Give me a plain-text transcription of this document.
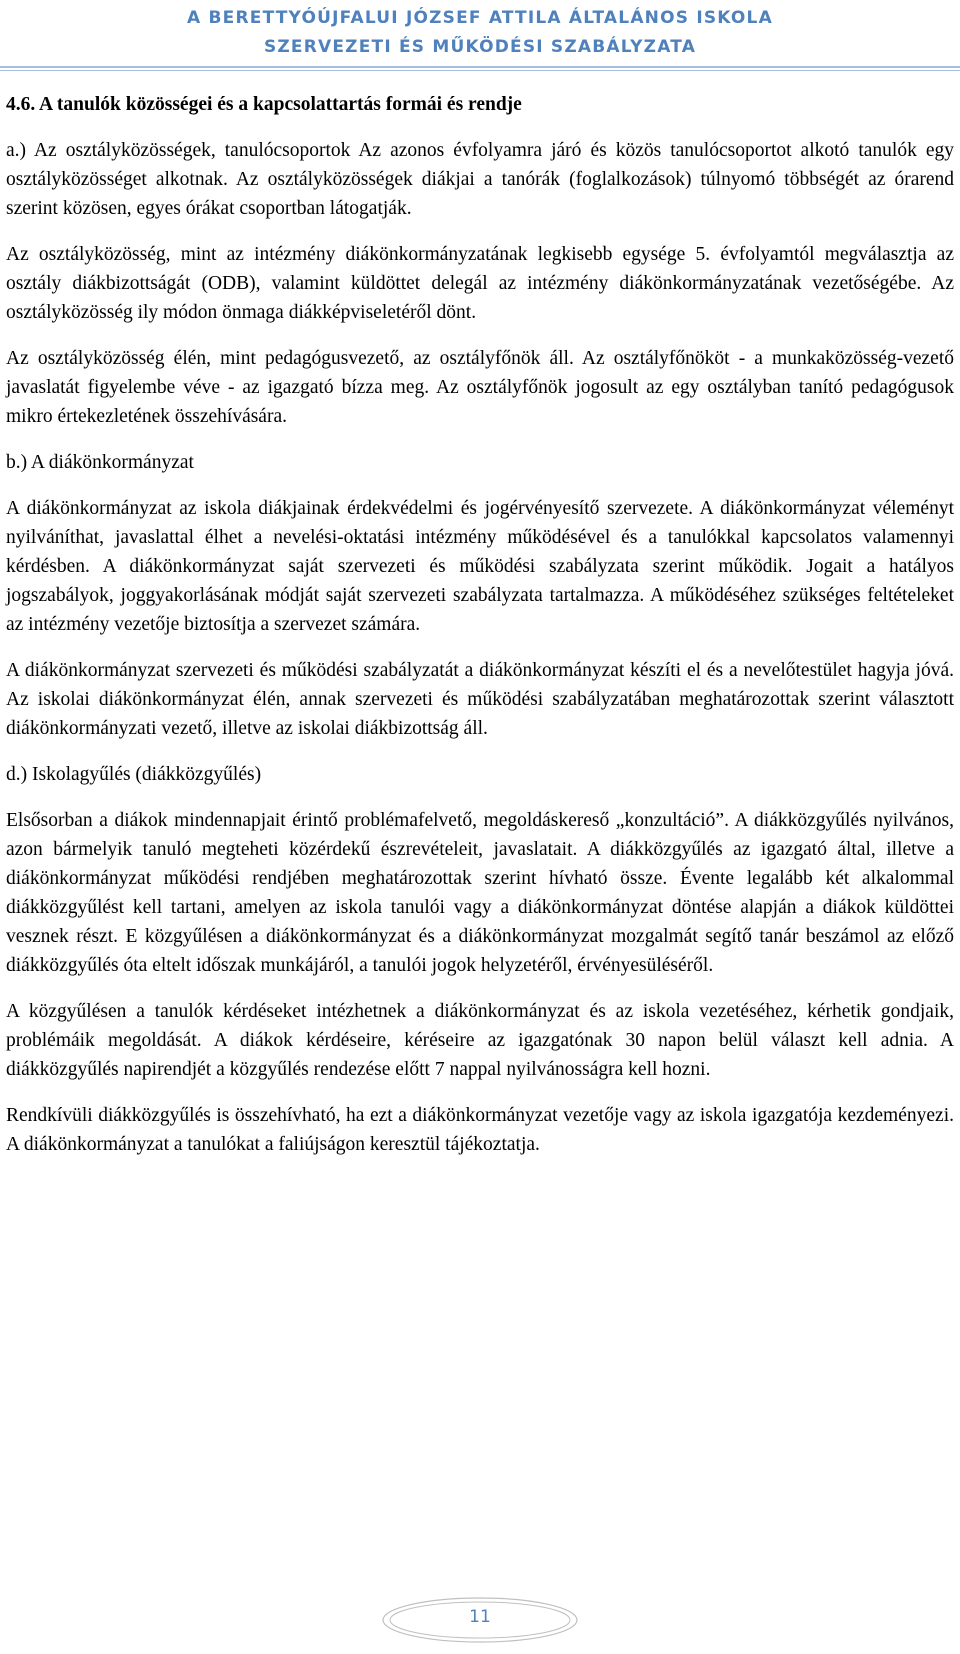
A BERETTYÓÚJFALUI JÓZSEF ATTILA ÁLTALÁNOS ISKOLA
SZERVEZETI ÉS MŰKÖDÉSI SZABÁLYZATA
4.6. A tanulók közösségei és a kapcsolattartás formái és rendje

a.) Az osztályközösségek, tanulócsoportok Az azonos évfolyamra járó és közös tanulócsoportot alkotó tanulók egy osztályközösséget alkotnak. Az osztályközösségek diákjai a tanórák (foglalkozások) túlnyomó többségét az órarend szerint közösen, egyes órákat csoportban látogatják.

Az osztályközösség, mint az intézmény diákönkormányzatának legkisebb egysége 5. évfolyamtól megválasztja az osztály diákbizottságát (ODB), valamint küldöttet delegál az intézmény diákönkormányzatának vezetőségébe. Az osztályközösség ily módon önmaga diákképviseletéről dönt.

Az osztályközösség élén, mint pedagógusvezető, az osztályfőnök áll. Az osztályfőnököt - a munkaközösség-vezető javaslatát figyelembe véve - az igazgató bízza meg. Az osztályfőnök jogosult az egy osztályban tanító pedagógusok mikro értekezletének összehívására.

b.) A diákönkormányzat

A diákönkormányzat az iskola diákjainak érdekvédelmi és jogérvényesítő szervezete. A diákönkormányzat véleményt nyilváníthat, javaslattal élhet a nevelési-oktatási intézmény működésével és a tanulókkal kapcsolatos valamennyi kérdésben. A diákönkormányzat saját szervezeti és működési szabályzata szerint működik. Jogait a hatályos jogszabályok, joggyakorlásának módját saját szervezeti szabályzata tartalmazza. A működéséhez szükséges feltételeket az intézmény vezetője biztosítja a szervezet számára.

A diákönkormányzat szervezeti és működési szabályzatát a diákönkormányzat készíti el és a nevelőtestület hagyja jóvá. Az iskolai diákönkormányzat élén, annak szervezeti és működési szabályzatában meghatározottak szerint választott diákönkormányzati vezető, illetve az iskolai diákbizottság áll.

d.) Iskolagyűlés (diákközgyűlés)

Elsősorban a diákok mindennapjait érintő problémafelvető, megoldáskereső „konzultáció”. A diákközgyűlés nyilvános, azon bármelyik tanuló megteheti közérdekű észrevételeit, javaslatait. A diákközgyűlés az igazgató által, illetve a diákönkormányzat működési rendjében meghatározottak szerint hívható össze. Évente legalább két alkalommal diákközgyűlést kell tartani, amelyen az iskola tanulói vagy a diákönkormányzat döntése alapján a diákok küldöttei vesznek részt. E közgyűlésen a diákönkormányzat és a diákönkormányzat mozgalmát segítő tanár beszámol az előző diákközgyűlés óta eltelt időszak munkájáról, a tanulói jogok helyzetéről, érvényesüléséről.

A közgyűlésen a tanulók kérdéseket intézhetnek a diákönkormányzat és az iskola vezetéséhez, kérhetik gondjaik, problémáik megoldását. A diákok kérdéseire, kéréseire az igazgatónak 30 napon belül választ kell adnia. A diákközgyűlés napirendjét a közgyűlés rendezése előtt 7 nappal nyilvánosságra kell hozni.

Rendkívüli diákközgyűlés is összehívható, ha ezt a diákönkormányzat vezetője vagy az iskola igazgatója kezdeményezi. A diákönkormányzat a tanulókat a faliújságon keresztül tájékoztatja.

11
